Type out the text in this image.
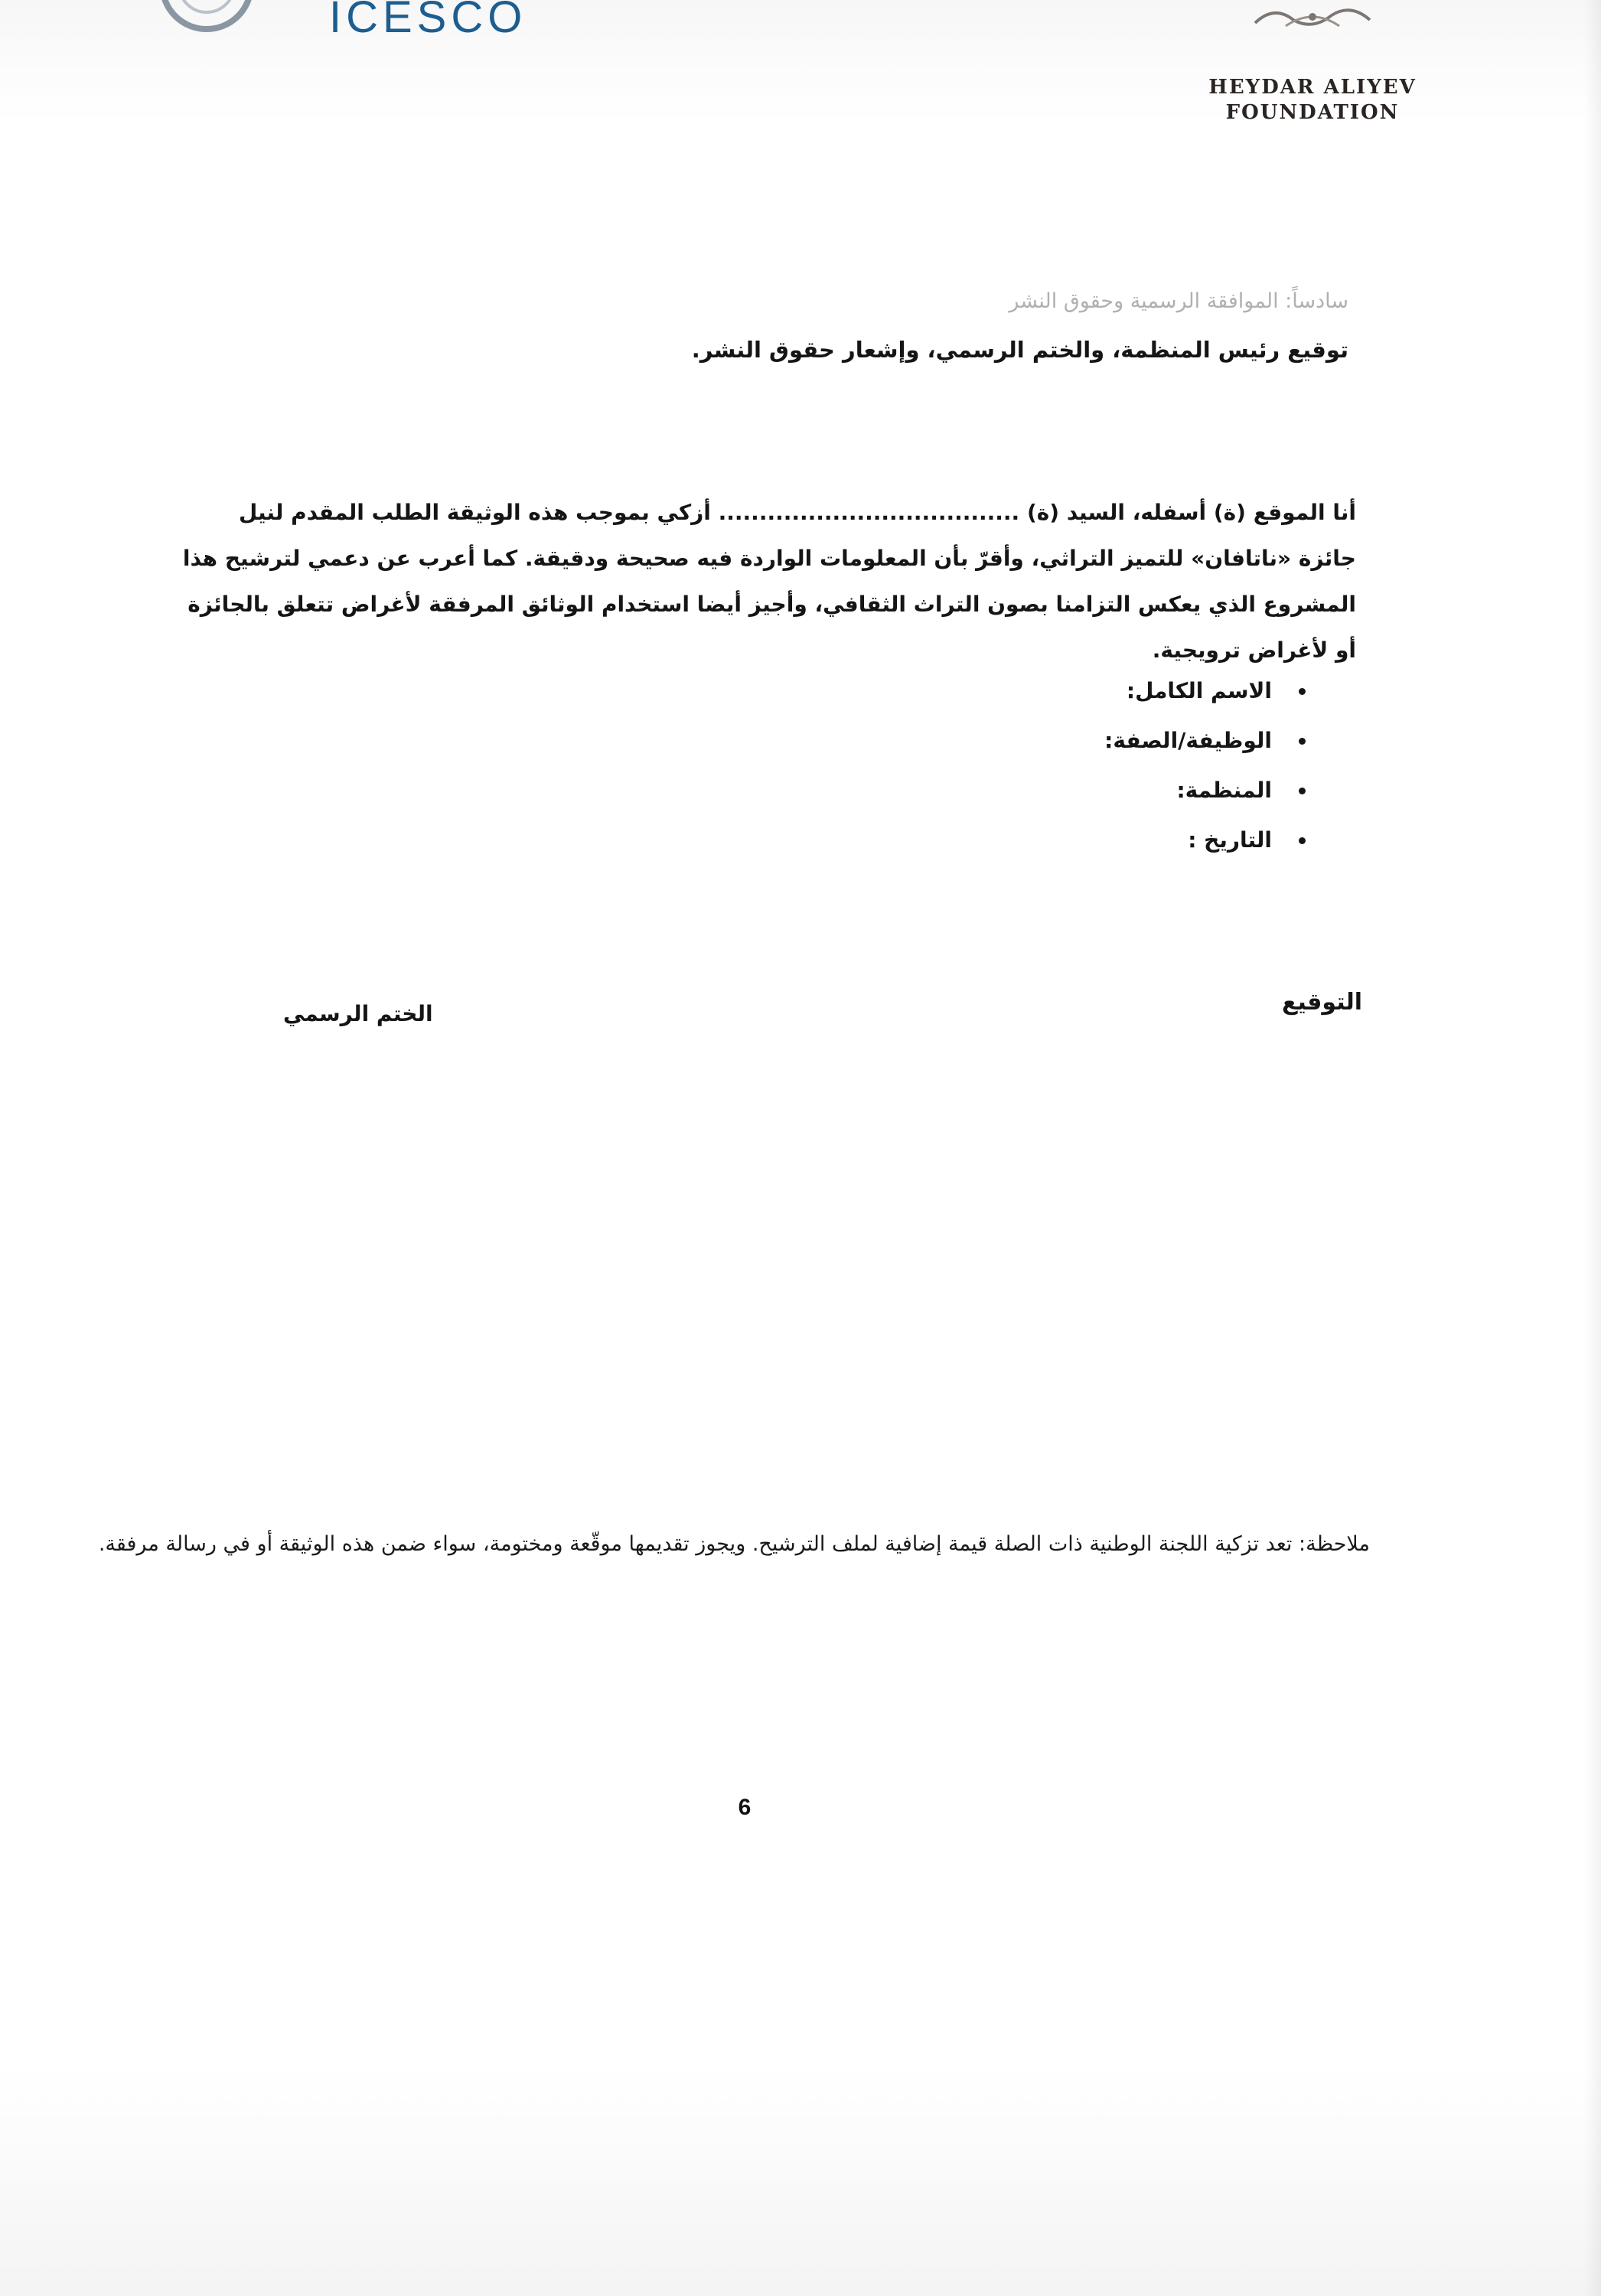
ICESCO
HEYDAR ALIYEV
FOUNDATION
سادساً: الموافقة الرسمية وحقوق النشر
توقيع رئيس المنظمة، والختم الرسمي، وإشعار حقوق النشر.
أنا الموقع (ة) أسفله، السيد (ة) ..................................... أزكي بموجب هذه الوثيقة الطلب المقدم لنيل جائزة «ناتافان» للتميز التراثي، وأقرّ بأن المعلومات الواردة فيه صحيحة ودقيقة. كما أعرب عن دعمي لترشيح هذا المشروع الذي يعكس التزامنا بصون التراث الثقافي، وأجيز أيضا استخدام الوثائق المرفقة لأغراض تتعلق بالجائزة أو لأغراض ترويجية.
• الاسم الكامل:
• الوظيفة/الصفة:
• المنظمة:
• التاريخ :
التوقيع
الختم الرسمي
ملاحظة: تعد تزكية اللجنة الوطنية ذات الصلة قيمة إضافية لملف الترشيح. ويجوز تقديمها موقّعة ومختومة، سواء ضمن هذه الوثيقة أو في رسالة مرفقة.
6
